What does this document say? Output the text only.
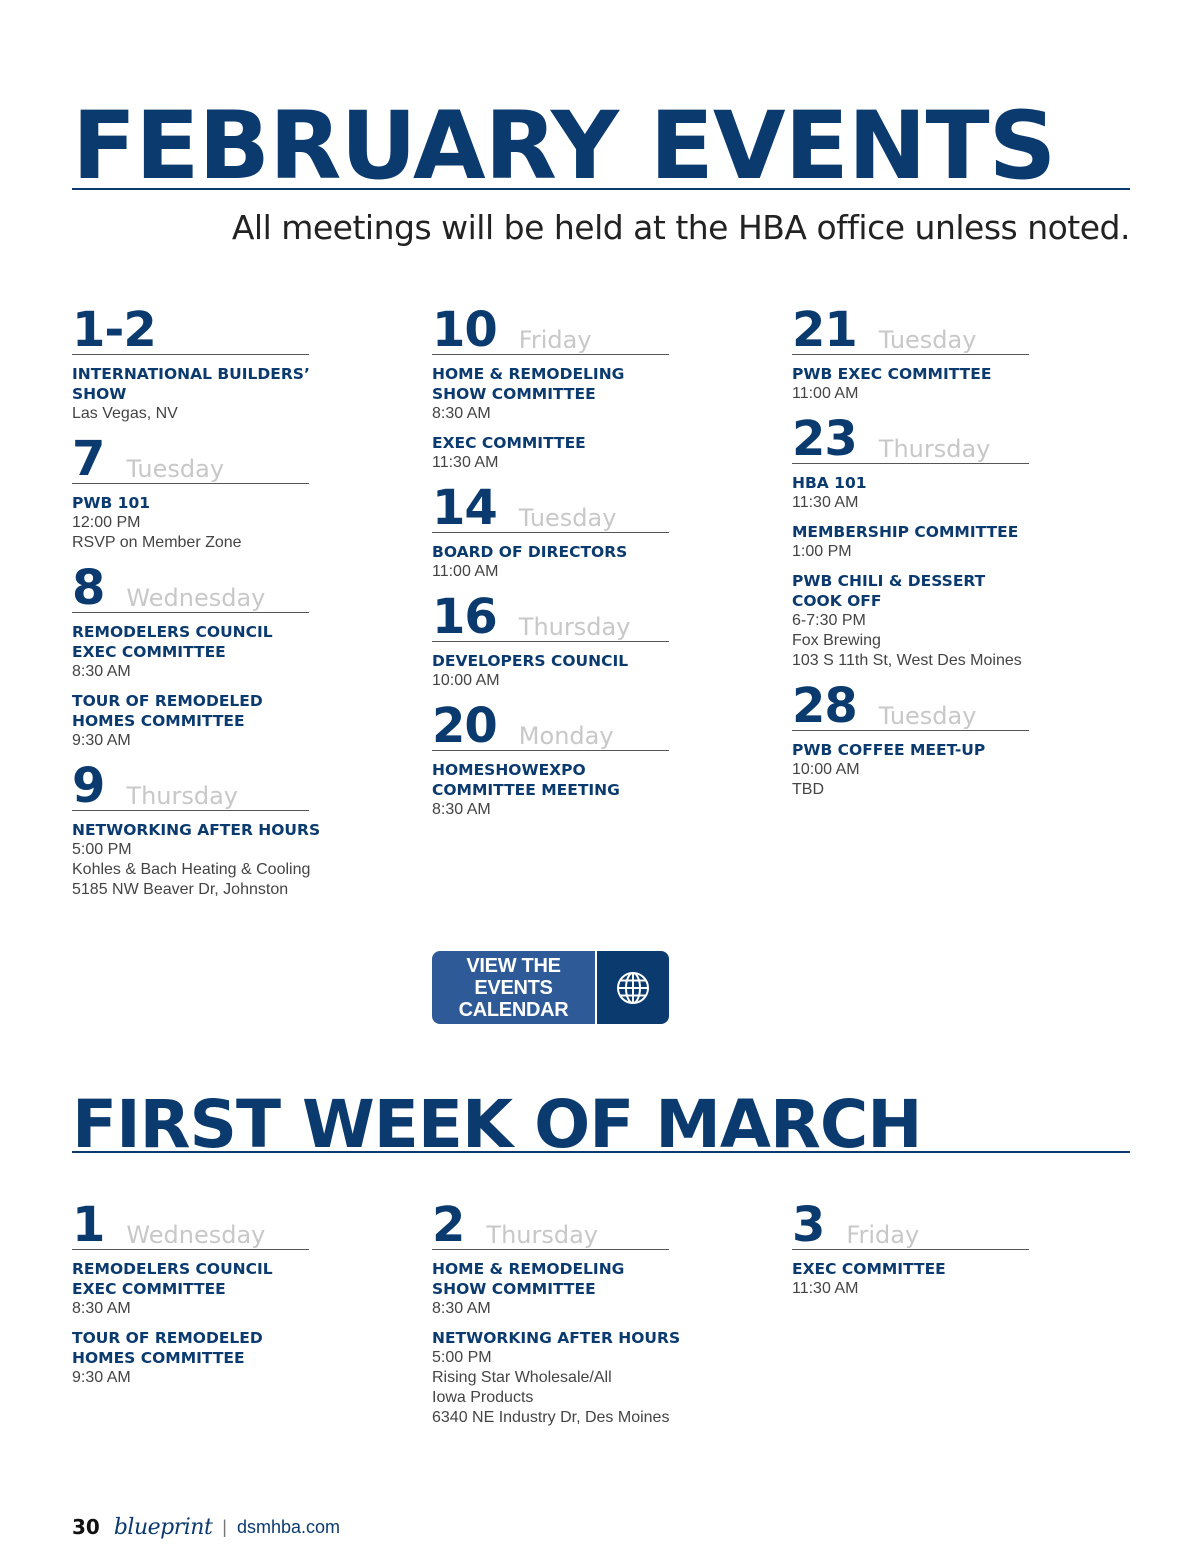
FEBRUARY EVENTS
All meetings will be held at the HBA office unless noted.
1-2
INTERNATIONAL BUILDERS’
SHOW
Las Vegas, NV
7 Tuesday
PWB 101
12:00 PM
RSVP on Member Zone
8 Wednesday
REMODELERS COUNCIL
EXEC COMMITTEE
8:30 AM
TOUR OF REMODELED
HOMES COMMITTEE
9:30 AM
9 Thursday
NETWORKING AFTER HOURS
5:00 PM
Kohles & Bach Heating & Cooling
5185 NW Beaver Dr, Johnston
10 Friday
HOME & REMODELING
SHOW COMMITTEE
8:30 AM
EXEC COMMITTEE
11:30 AM
14 Tuesday
BOARD OF DIRECTORS
11:00 AM
16 Thursday
DEVELOPERS COUNCIL
10:00 AM
20 Monday
HOMESHOWEXPO
COMMITTEE MEETING
8:30 AM
21 Tuesday
PWB EXEC COMMITTEE
11:00 AM
23 Thursday
HBA 101
11:30 AM
MEMBERSHIP COMMITTEE
1:00 PM
PWB CHILI & DESSERT
COOK OFF
6-7:30 PM
Fox Brewing
103 S 11th St, West Des Moines
28 Tuesday
PWB COFFEE MEET-UP
10:00 AM
TBD
VIEW THE EVENTS
CALENDAR
FIRST WEEK OF MARCH
1 Wednesday
REMODELERS COUNCIL
EXEC COMMITTEE
8:30 AM
TOUR OF REMODELED
HOMES COMMITTEE
9:30 AM
2 Thursday
HOME & REMODELING
SHOW COMMITTEE
8:30 AM
NETWORKING AFTER HOURS
5:00 PM
Rising Star Wholesale/All
Iowa Products
6340 NE Industry Dr, Des Moines
3 Friday
EXEC COMMITTEE
11:30 AM
30 blueprint | dsmhba.com
